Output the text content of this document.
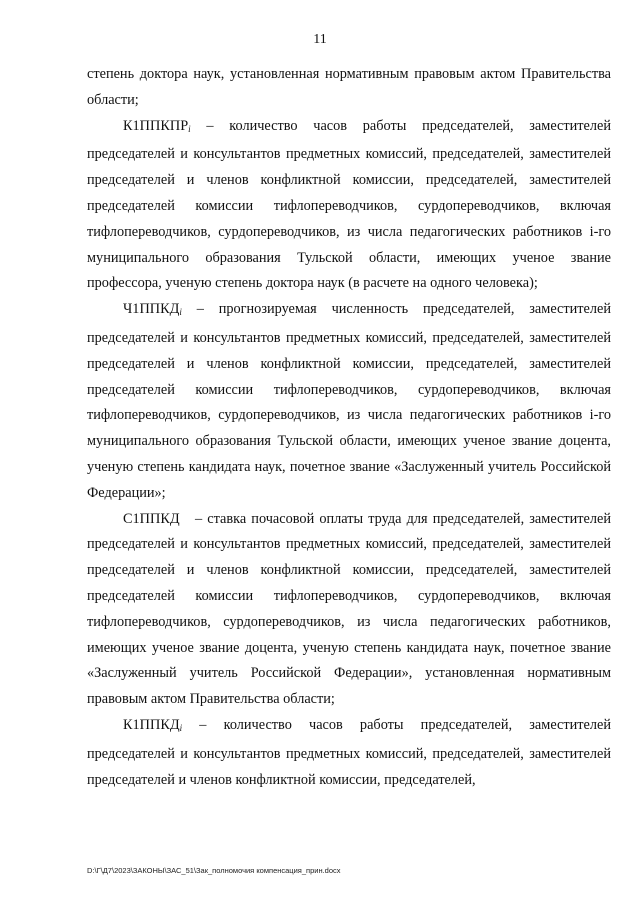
11

степень доктора наук, установленная нормативным правовым актом Правительства области;

$К1ППКПР_i$ – количество часов работы председателей, заместителей председателей и консультантов предметных комиссий, председателей, заместителей председателей и членов конфликтной комиссии, председателей, заместителей председателей комиссии тифлопереводчиков, сурдопереводчиков, включая тифлопереводчиков, сурдопереводчиков, из числа педагогических работников i-го муниципального образования Тульской области, имеющих ученое звание профессора, ученую степень доктора наук (в расчете на одного человека);

$Ч1ППКД_i$ – прогнозируемая численность председателей, заместителей председателей и консультантов предметных комиссий, председателей, заместителей председателей и членов конфликтной комиссии, председателей, заместителей председателей комиссии тифлопереводчиков, сурдопереводчиков, включая тифлопереводчиков, сурдопереводчиков, из числа педагогических работников i-го муниципального образования Тульской области, имеющих ученое звание доцента, ученую степень кандидата наук, почетное звание «Заслуженный учитель Российской Федерации»;

С1ППКД   – ставка почасовой оплаты труда для председателей, заместителей председателей и консультантов предметных комиссий, председателей, заместителей председателей и членов конфликтной комиссии, председателей, заместителей председателей комиссии тифлопереводчиков, сурдопереводчиков, включая тифлопереводчиков, сурдопереводчиков, из числа педагогических работников, имеющих ученое звание доцента, ученую степень кандидата наук, почетное звание «Заслуженный учитель Российской Федерации», установленная нормативным правовым актом Правительства области;

$К1ППКД_i$ – количество часов работы председателей, заместителей председателей и консультантов предметных комиссий, председателей, заместителей председателей и членов конфликтной комиссии, председателей,

D:\Г\Д7\2023\ЗАКОНЫ\ЗАС_51\Зак_полномочия компенсация_прин.docx
